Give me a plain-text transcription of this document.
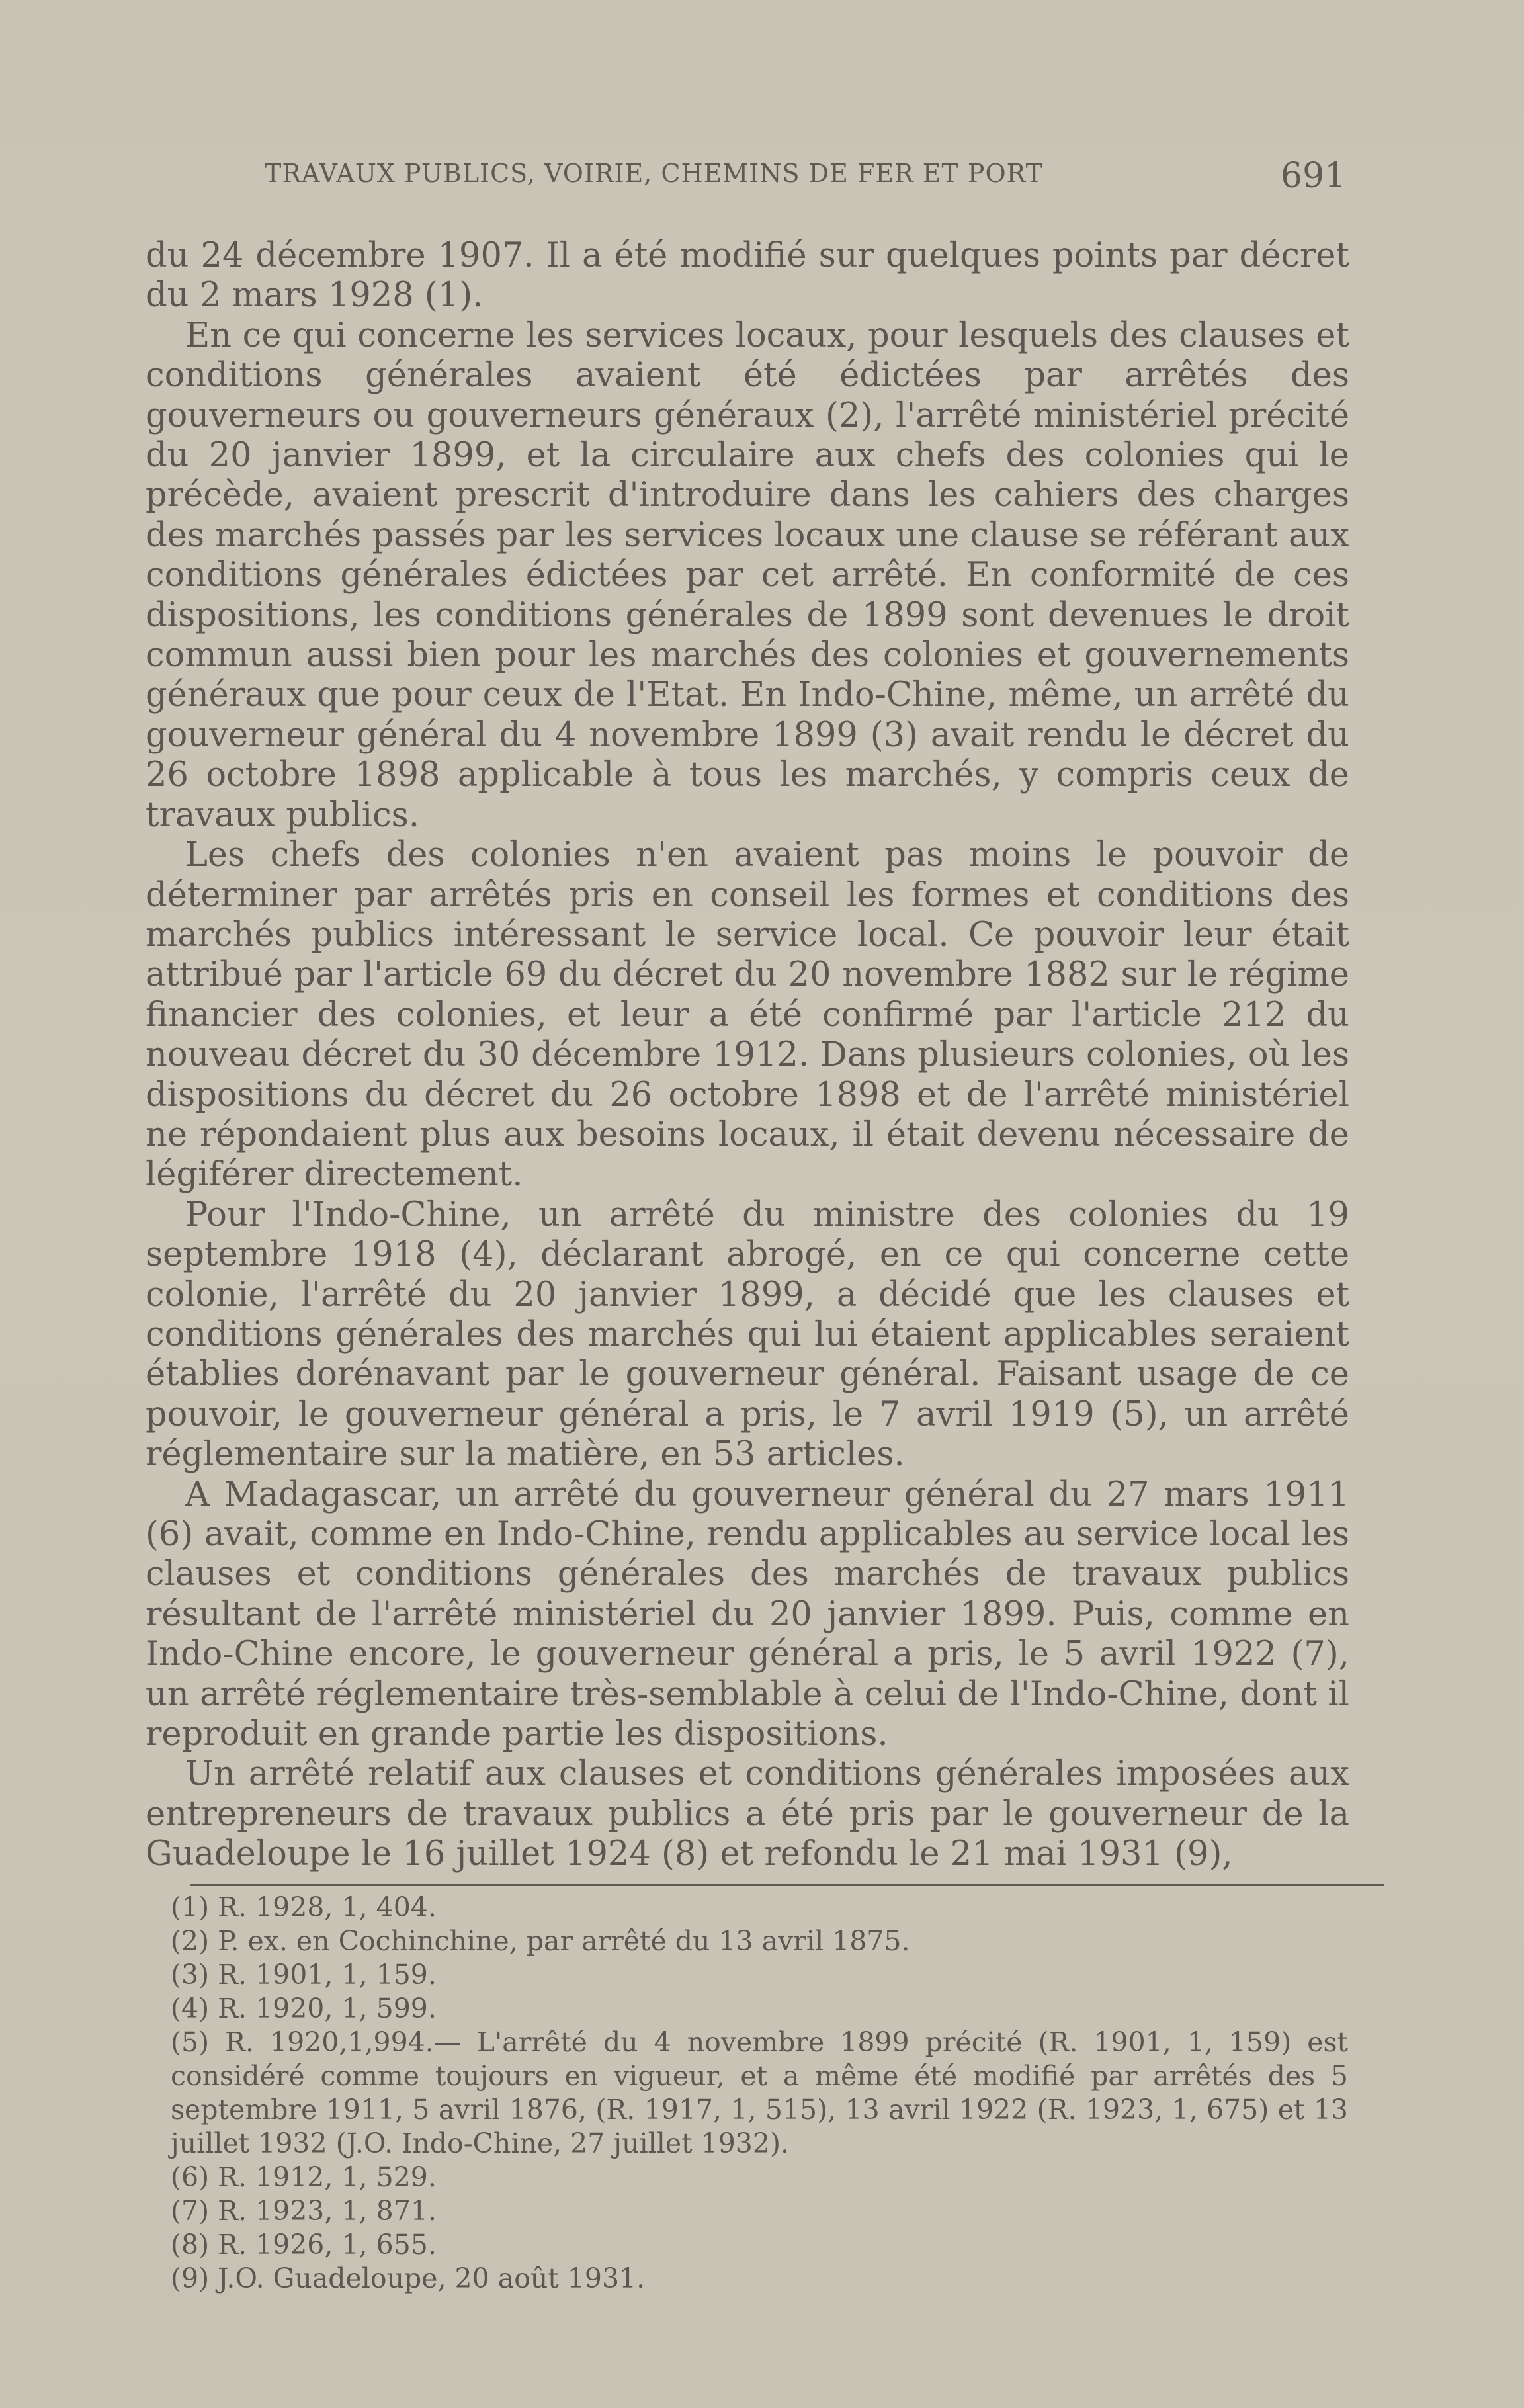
TRAVAUX PUBLICS, VOIRIE, CHEMINS DE FER ET PORT	691

du 24 décembre 1907. Il a été modifié sur quelques points par décret du 2 mars 1928 (1).

En ce qui concerne les services locaux, pour lesquels des clauses et conditions générales avaient été édictées par arrêtés des gouverneurs ou gouverneurs généraux (2), l'arrêté ministériel précité du 20 janvier 1899, et la circulaire aux chefs des colonies qui le précède, avaient prescrit d'introduire dans les cahiers des charges des marchés passés par les services locaux une clause se référant aux conditions générales édictées par cet arrêté. En conformité de ces dispositions, les conditions générales de 1899 sont devenues le droit commun aussi bien pour les marchés des colonies et gouvernements généraux que pour ceux de l'Etat. En Indo-Chine, même, un arrêté du gouverneur général du 4 novembre 1899 (3) avait rendu le décret du 26 octobre 1898 applicable à tous les marchés, y compris ceux de travaux publics.

Les chefs des colonies n'en avaient pas moins le pouvoir de déterminer par arrêtés pris en conseil les formes et conditions des marchés publics intéressant le service local. Ce pouvoir leur était attribué par l'article 69 du décret du 20 novembre 1882 sur le régime financier des colonies, et leur a été confirmé par l'article 212 du nouveau décret du 30 décembre 1912. Dans plusieurs colonies, où les dispositions du décret du 26 octobre 1898 et de l'arrêté ministériel ne répondaient plus aux besoins locaux, il était devenu nécessaire de légiférer directement.

Pour l'Indo-Chine, un arrêté du ministre des colonies du 19 septembre 1918 (4), déclarant abrogé, en ce qui concerne cette colonie, l'arrêté du 20 janvier 1899, a décidé que les clauses et conditions générales des marchés qui lui étaient applicables seraient établies dorénavant par le gouverneur général. Faisant usage de ce pouvoir, le gouverneur général a pris, le 7 avril 1919 (5), un arrêté réglementaire sur la matière, en 53 articles.

A Madagascar, un arrêté du gouverneur général du 27 mars 1911 (6) avait, comme en Indo-Chine, rendu applicables au service local les clauses et conditions générales des marchés de travaux publics résultant de l'arrêté ministériel du 20 janvier 1899. Puis, comme en Indo-Chine encore, le gouverneur général a pris, le 5 avril 1922 (7), un arrêté réglementaire très-semblable à celui de l'Indo-Chine, dont il reproduit en grande partie les dispositions.

Un arrêté relatif aux clauses et conditions générales imposées aux entrepreneurs de travaux publics a été pris par le gouverneur de la Guadeloupe le 16 juillet 1924 (8) et refondu le 21 mai 1931 (9),

(1) R. 1928, 1, 404.

(2) P. ex. en Cochinchine, par arrêté du 13 avril 1875.

(3) R. 1901, 1, 159.

(4) R. 1920, 1, 599.

(5) R. 1920,1,994.— L'arrêté du 4 novembre 1899 précité (R. 1901, 1, 159) est considéré comme toujours en vigueur, et a même été modifié par arrêtés des 5 septembre 1911, 5 avril 1876, (R. 1917, 1, 515), 13 avril 1922 (R. 1923, 1, 675) et 13 juillet 1932 (J.O. Indo-Chine, 27 juillet 1932).

(6) R. 1912, 1, 529.

(7) R. 1923, 1, 871.

(8) R. 1926, 1, 655.

(9) J.O. Guadeloupe, 20 août 1931.
